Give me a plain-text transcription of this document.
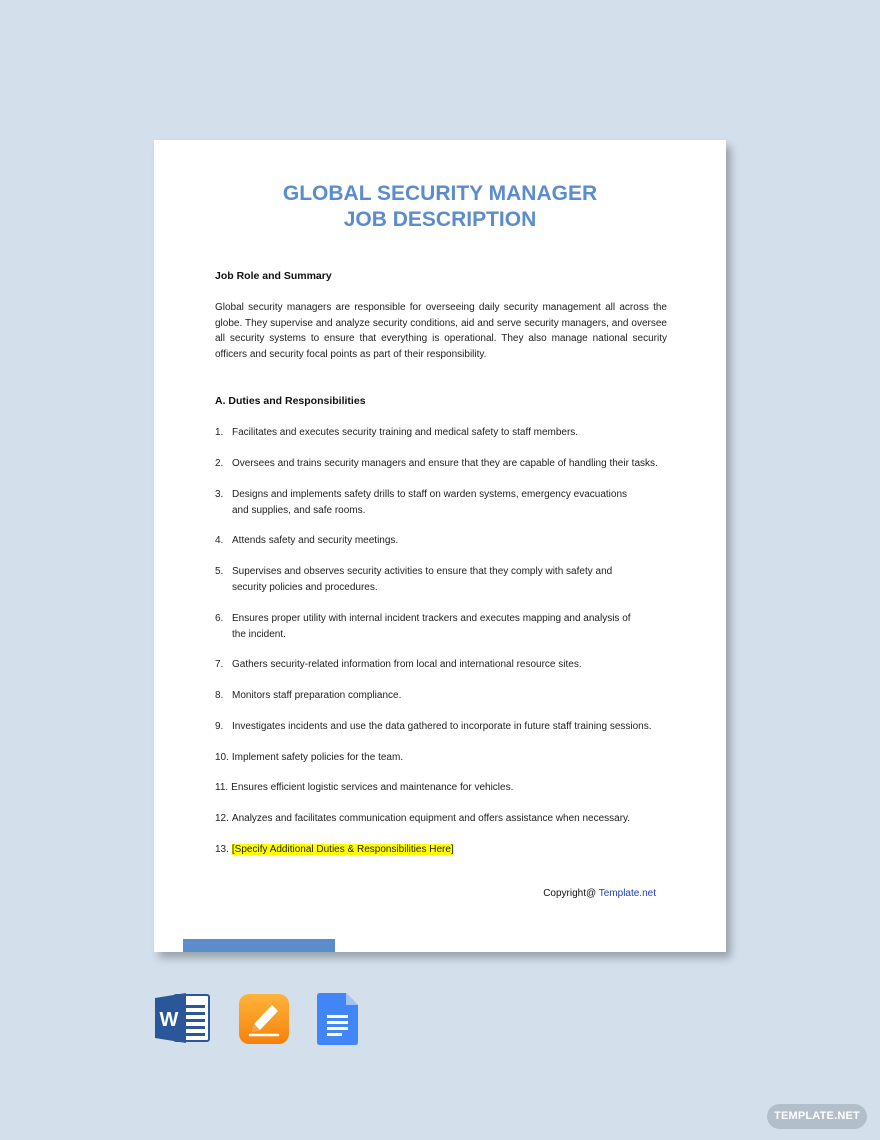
GLOBAL SECURITY MANAGER
JOB DESCRIPTION
Job Role and Summary
Global security managers are responsible for overseeing daily security management all across the globe. They supervise and analyze security conditions, aid and serve security managers, and oversee all security systems to ensure that everything is operational. They also manage national security officers and security focal points as part of their responsibility.
A. Duties and Responsibilities
1. Facilitates and executes security training and medical safety to staff members.
2. Oversees and trains security managers and ensure that they are capable of handling their tasks.
3. Designs and implements safety drills to staff on warden systems, emergency evacuations and supplies, and safe rooms.
4. Attends safety and security meetings.
5. Supervises and observes security activities to ensure that they comply with safety and security policies and procedures.
6. Ensures proper utility with internal incident trackers and executes mapping and analysis of the incident.
7. Gathers security-related information from local and international resource sites.
8. Monitors staff preparation compliance.
9. Investigates incidents and use the data gathered to incorporate in future staff training sessions.
10. Implement safety policies for the team.
11. Ensures efficient logistic services and maintenance for vehicles.
12. Analyzes and facilitates communication equipment and offers assistance when necessary.
13. [Specify Additional Duties & Responsibilities Here]
Copyright@ Template.net
W
TEMPLATE.NET
